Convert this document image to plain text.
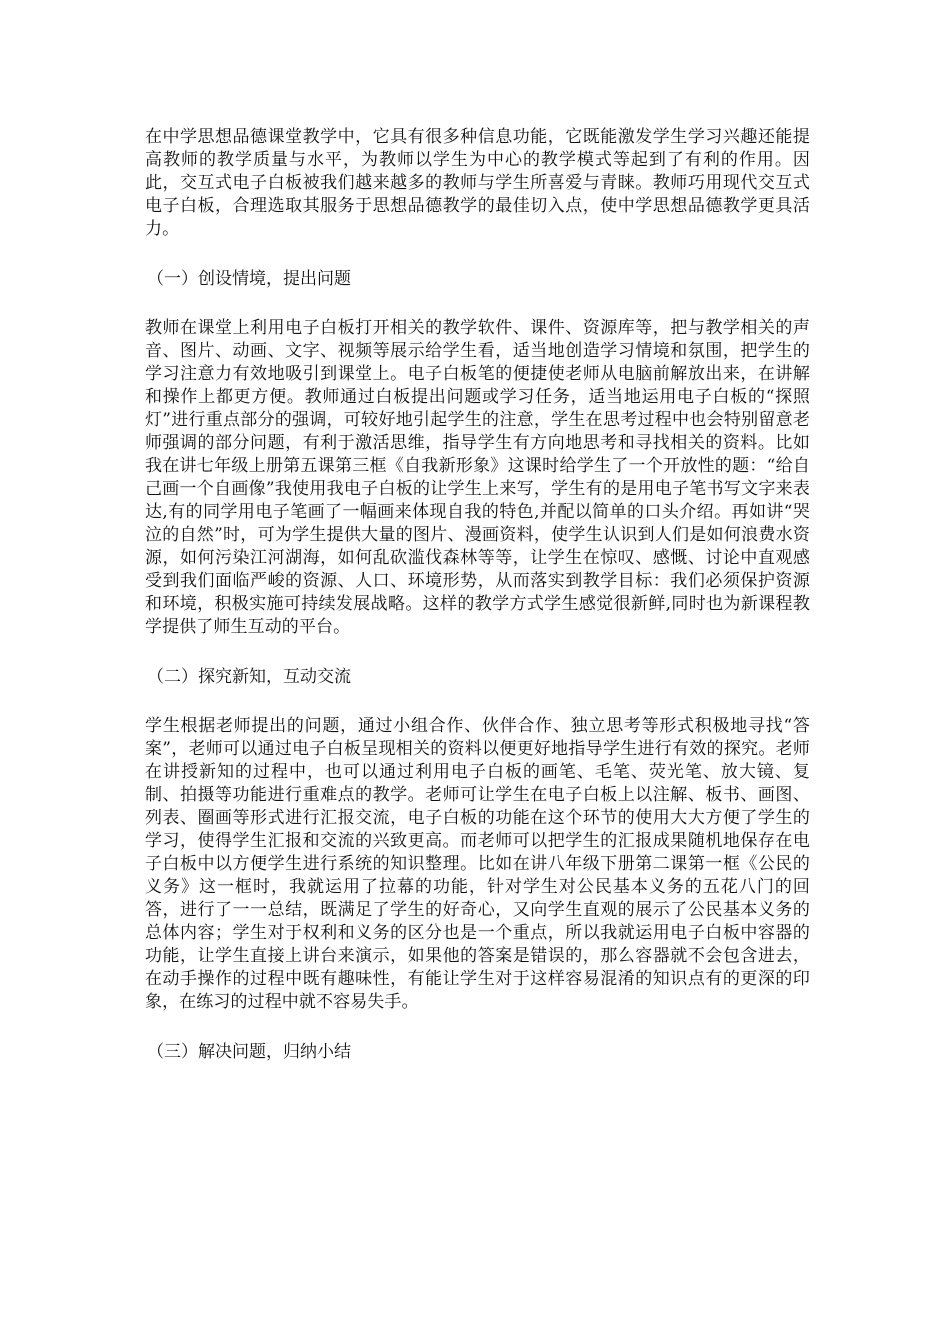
在中学思想品德课堂教学中，它具有很多种信息功能，它既能激发学生学习兴趣还能提高教师的教学质量与水平，为教师以学生为中心的教学模式等起到了有利的作用。因此，交互式电子白板被我们越来越多的教师与学生所喜爱与青睐。教师巧用现代交互式电子白板，合理选取其服务于思想品德教学的最佳切入点，使中学思想品德教学更具活力。

（一）创设情境，提出问题

教师在课堂上利用电子白板打开相关的教学软件、课件、资源库等，把与教学相关的声音、图片、动画、文字、视频等展示给学生看，适当地创造学习情境和氛围，把学生的学习注意力有效地吸引到课堂上。电子白板笔的便捷使老师从电脑前解放出来，在讲解和操作上都更方便。教师通过白板提出问题或学习任务，适当地运用电子白板的“探照灯”进行重点部分的强调，可较好地引起学生的注意，学生在思考过程中也会特别留意老师强调的部分问题，有利于激活思维，指导学生有方向地思考和寻找相关的资料。比如我在讲七年级上册第五课第三框《自我新形象》这课时给学生了一个开放性的题：“给自己画一个自画像”我使用我电子白板的让学生上来写，学生有的是用电子笔书写文字来表达,有的同学用电子笔画了一幅画来体现自我的特色,并配以简单的口头介绍。再如讲“哭泣的自然”时，可为学生提供大量的图片、漫画资料，使学生认识到人们是如何浪费水资源，如何污染江河湖海，如何乱砍滥伐森林等等，让学生在惊叹、感慨、讨论中直观感受到我们面临严峻的资源、人口、环境形势，从而落实到教学目标：我们必须保护资源和环境，积极实施可持续发展战略。这样的教学方式学生感觉很新鲜,同时也为新课程教学提供了师生互动的平台。

（二）探究新知，互动交流

学生根据老师提出的问题，通过小组合作、伙伴合作、独立思考等形式积极地寻找“答案”，老师可以通过电子白板呈现相关的资料以便更好地指导学生进行有效的探究。老师在讲授新知的过程中，也可以通过利用电子白板的画笔、毛笔、荧光笔、放大镜、复制、拍摄等功能进行重难点的教学。老师可让学生在电子白板上以注解、板书、画图、列表、圈画等形式进行汇报交流，电子白板的功能在这个环节的使用大大方便了学生的学习，使得学生汇报和交流的兴致更高。而老师可以把学生的汇报成果随机地保存在电子白板中以方便学生进行系统的知识整理。比如在讲八年级下册第二课第一框《公民的义务》这一框时，我就运用了拉幕的功能，针对学生对公民基本义务的五花八门的回答，进行了一一总结，既满足了学生的好奇心，又向学生直观的展示了公民基本义务的总体内容；学生对于权利和义务的区分也是一个重点，所以我就运用电子白板中容器的功能，让学生直接上讲台来演示，如果他的答案是错误的，那么容器就不会包含进去，在动手操作的过程中既有趣味性，有能让学生对于这样容易混淆的知识点有的更深的印象，在练习的过程中就不容易失手。

（三）解决问题，归纳小结
